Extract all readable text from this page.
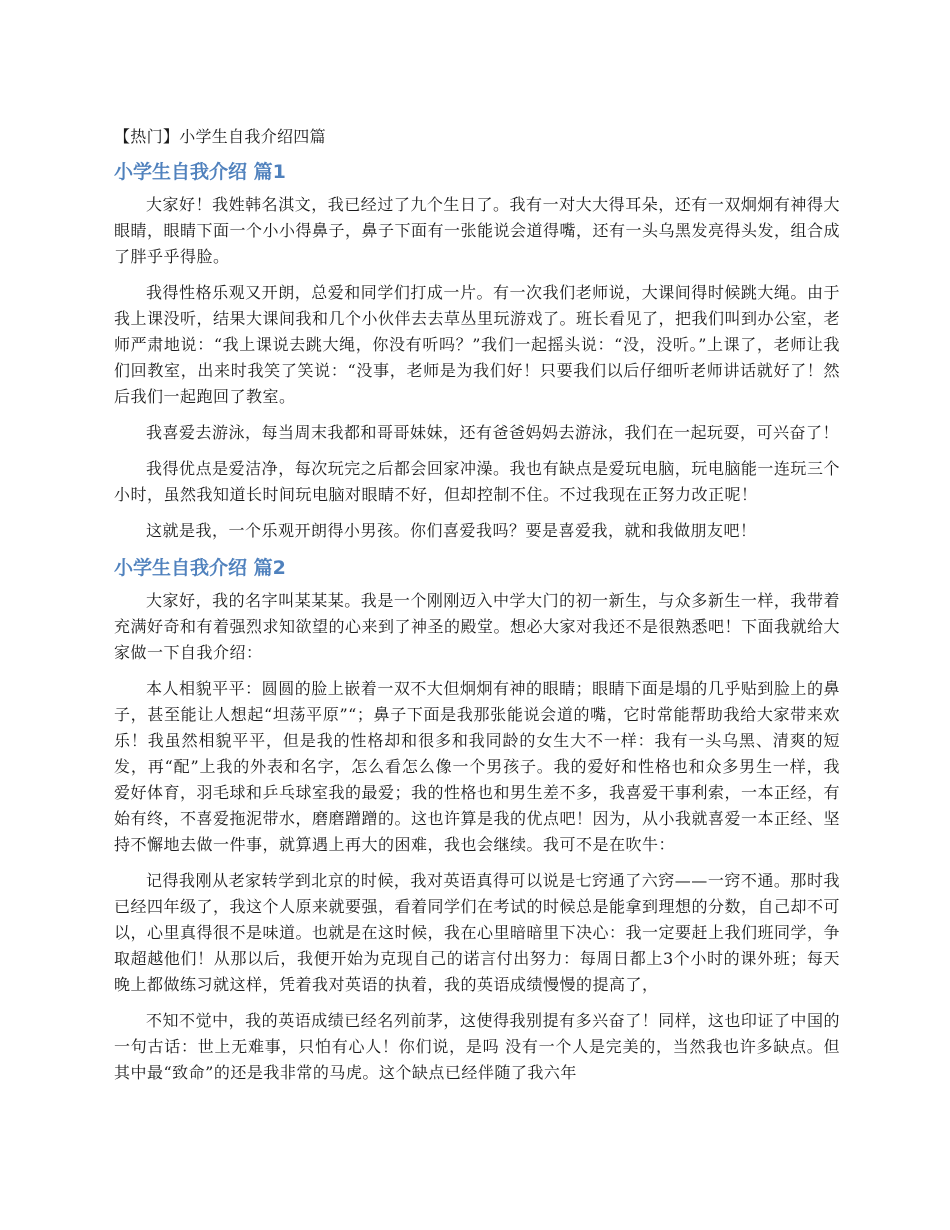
【热门】小学生自我介绍四篇
小学生自我介绍 篇1

大家好！我姓韩名淇文，我已经过了九个生日了。我有一对大大得耳朵，还有一双炯炯有神得大眼睛，眼睛下面一个小小得鼻子，鼻子下面有一张能说会道得嘴，还有一头乌黑发亮得头发，组合成了胖乎乎得脸。

我得性格乐观又开朗，总爱和同学们打成一片。有一次我们老师说，大课间得时候跳大绳。由于我上课没听，结果大课间我和几个小伙伴去去草丛里玩游戏了。班长看见了，把我们叫到办公室，老师严肃地说：“我上课说去跳大绳，你没有听吗？”我们一起摇头说：“没，没听。”上课了，老师让我们回教室，出来时我笑了笑说：“没事，老师是为我们好！只要我们以后仔细听老师讲话就好了！然后我们一起跑回了教室。

我喜爱去游泳，每当周末我都和哥哥妹妹，还有爸爸妈妈去游泳，我们在一起玩耍，可兴奋了！

我得优点是爱洁净，每次玩完之后都会回家冲澡。我也有缺点是爱玩电脑，玩电脑能一连玩三个小时，虽然我知道长时间玩电脑对眼睛不好，但却控制不住。不过我现在正努力改正呢！

这就是我，一个乐观开朗得小男孩。你们喜爱我吗？要是喜爱我，就和我做朋友吧！

小学生自我介绍 篇2

大家好，我的名字叫某某某。我是一个刚刚迈入中学大门的初一新生，与众多新生一样，我带着充满好奇和有着强烈求知欲望的心来到了神圣的殿堂。想必大家对我还不是很熟悉吧！下面我就给大家做一下自我介绍：

本人相貌平平：圆圆的脸上嵌着一双不大但炯炯有神的眼睛；眼睛下面是塌的几乎贴到脸上的鼻子，甚至能让人想起“坦荡平原”“；鼻子下面是我那张能说会道的嘴，它时常能帮助我给大家带来欢乐！我虽然相貌平平，但是我的性格却和很多和我同龄的女生大不一样：我有一头乌黑、清爽的短发，再“配”上我的外表和名字，怎么看怎么像一个男孩子。我的爱好和性格也和众多男生一样，我爱好体育，羽毛球和乒乓球室我的最爱；我的性格也和男生差不多，我喜爱干事利索，一本正经，有始有终，不喜爱拖泥带水，磨磨蹭蹭的。这也许算是我的优点吧！因为，从小我就喜爱一本正经、坚持不懈地去做一件事，就算遇上再大的困难，我也会继续。我可不是在吹牛：

记得我刚从老家转学到北京的时候，我对英语真得可以说是七窍通了六窍——一窍不通。那时我已经四年级了，我这个人原来就要强，看着同学们在考试的时候总是能拿到理想的分数，自己却不可以，心里真得很不是味道。也就是在这时候，我在心里暗暗里下决心：我一定要赶上我们班同学，争取超越他们！从那以后，我便开始为克现自己的诺言付出努力：每周日都上3个小时的课外班；每天晚上都做练习就这样，凭着我对英语的执着，我的英语成绩慢慢的提高了，

不知不觉中，我的英语成绩已经名列前茅，这使得我别提有多兴奋了！同样，这也印证了中国的一句古话：世上无难事，只怕有心人！你们说，是吗 没有一个人是完美的，当然我也许多缺点。但其中最“致命”的还是我非常的马虎。这个缺点已经伴随了我六年
